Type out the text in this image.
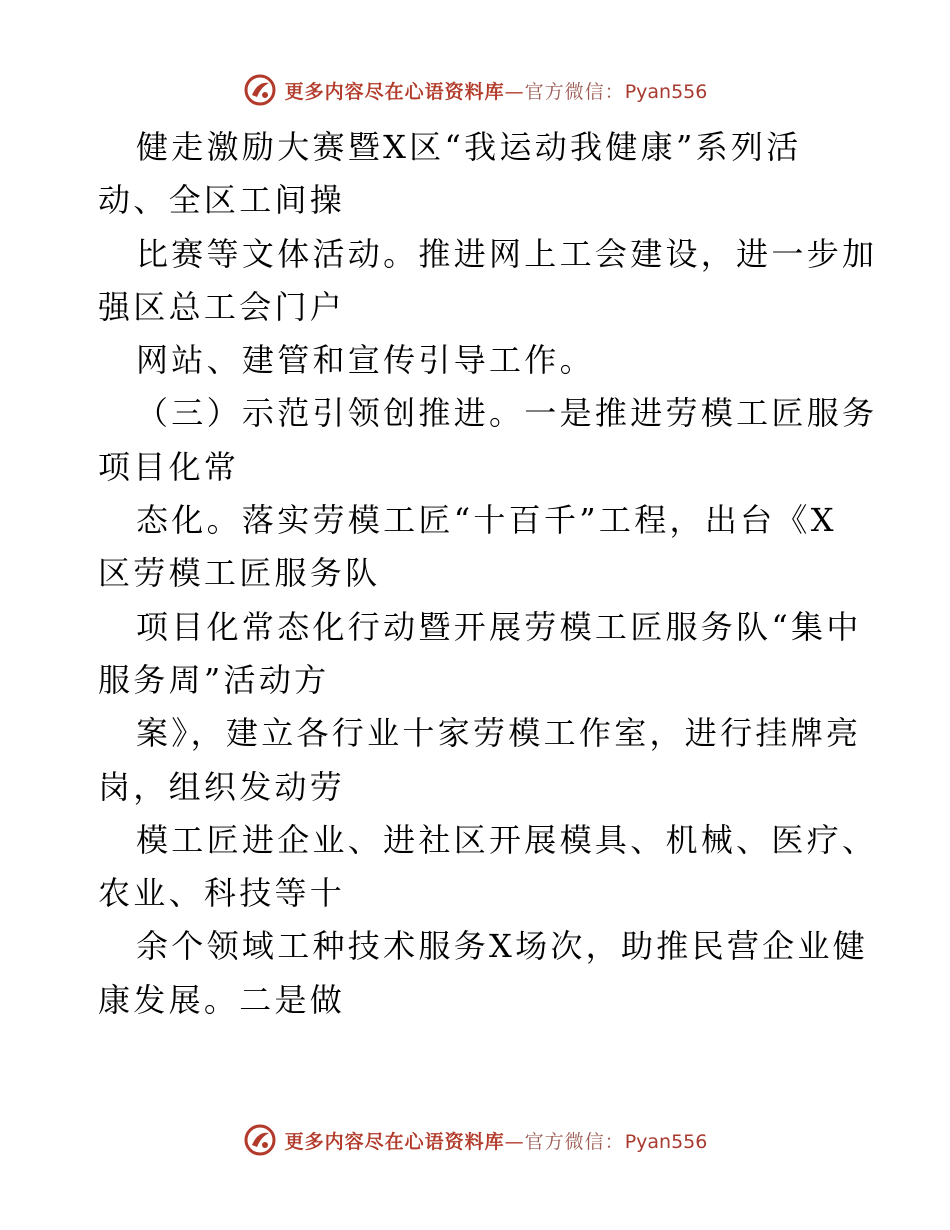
更多内容尽在心语资料库—官方微信：Pyan556
健走激励大赛暨X区“我运动我健康”系列活
动、全区工间操
比赛等文体活动。推进网上工会建设，进一步加
强区总工会门户
网站、建管和宣传引导工作。
（三）示范引领创推进。一是推进劳模工匠服务
项目化常
态化。落实劳模工匠“十百千”工程，出台《X
区劳模工匠服务队
项目化常态化行动暨开展劳模工匠服务队“集中
服务周”活动方
案》，建立各行业十家劳模工作室，进行挂牌亮
岗，组织发动劳
模工匠进企业、进社区开展模具、机械、医疗、
农业、科技等十
余个领域工种技术服务X场次，助推民营企业健
康发展。二是做
更多内容尽在心语资料库—官方微信：Pyan556
